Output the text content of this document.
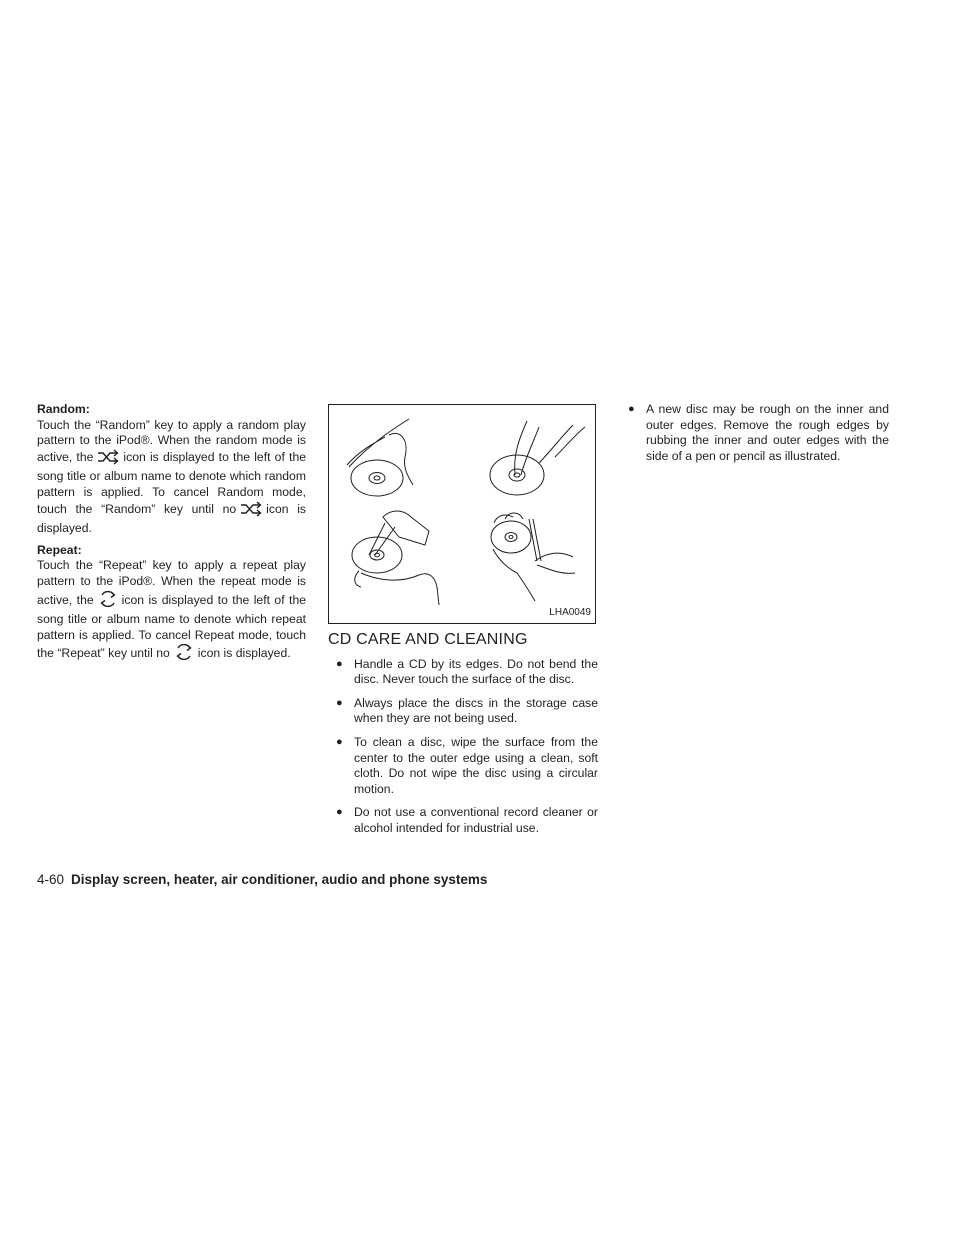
Random:

Touch the “Random” key to apply a random play pattern to the iPod®. When the random mode is active, the icon is displayed to the left of the song title or album name to denote which random pattern is applied. To cancel Random mode, touch the “Random” key until no icon is displayed.

Repeat:

Touch the “Repeat” key to apply a repeat play pattern to the iPod®. When the repeat mode is active, the icon is displayed to the left of the song title or album name to denote which repeat pattern is applied. To cancel Repeat mode, touch the “Repeat” key until no icon is displayed.

LHA0049
CD CARE AND CLEANING
● Handle a CD by its edges. Do not bend the disc. Never touch the surface of the disc.
● Always place the discs in the storage case when they are not being used.
● To clean a disc, wipe the surface from the center to the outer edge using a clean, soft cloth. Do not wipe the disc using a circular motion.
● Do not use a conventional record cleaner or alcohol intended for industrial use.
● A new disc may be rough on the inner and outer edges. Remove the rough edges by rubbing the inner and outer edges with the side of a pen or pencil as illustrated.
4-60 Display screen, heater, air conditioner, audio and phone systems
